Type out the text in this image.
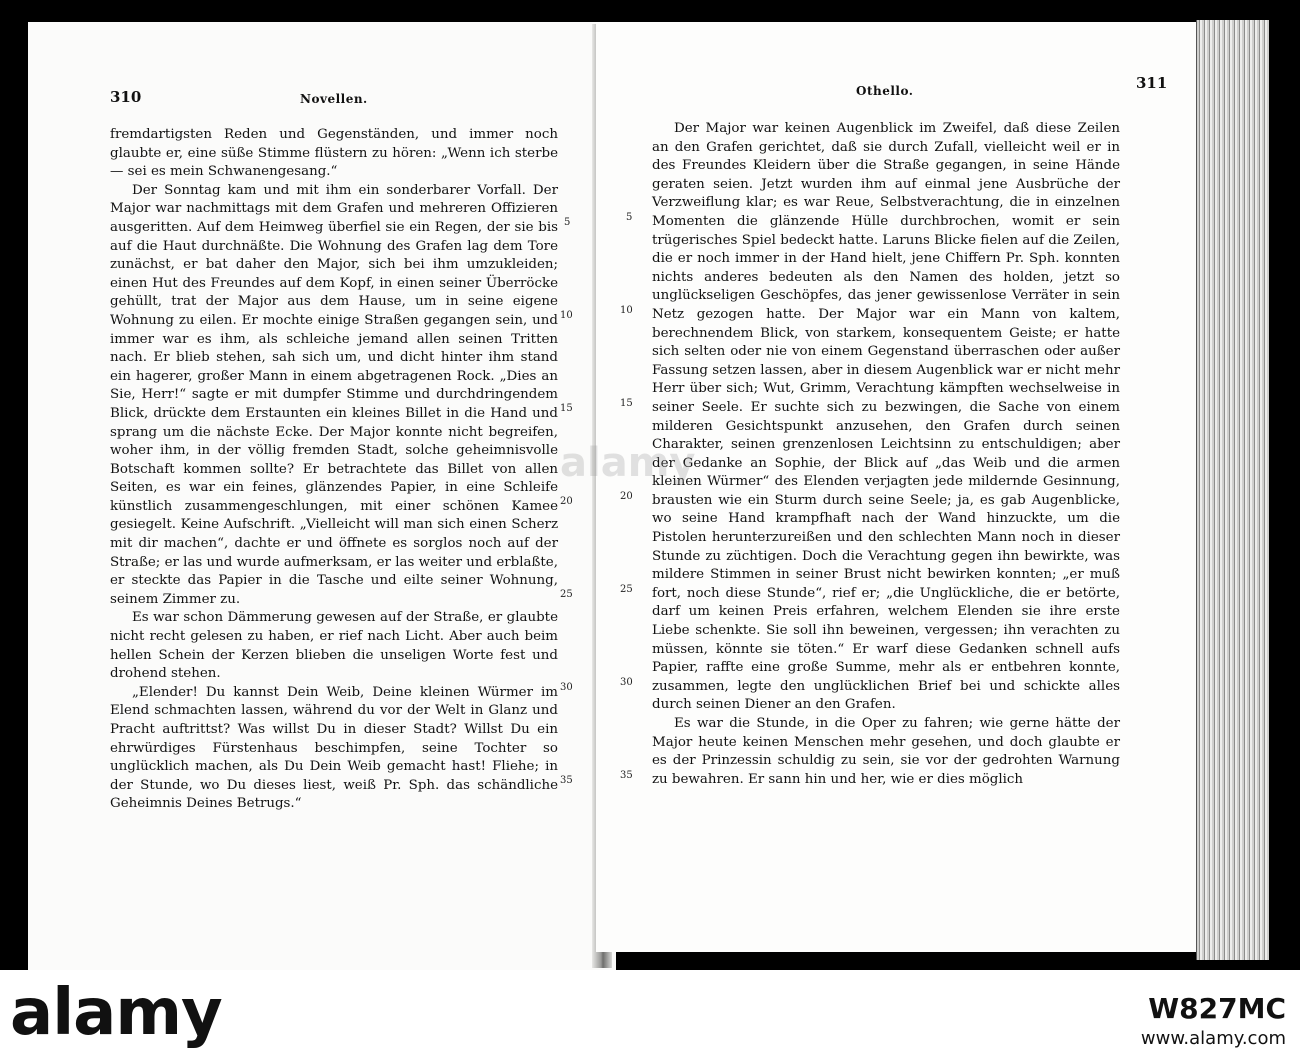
310	Novellen.

fremdartigsten Reden und Gegenständen, und immer noch glaubte er, eine süße Stimme flüstern zu hören: „Wenn ich sterbe — sei es mein Schwanengesang.“

Der Sonntag kam und mit ihm ein sonderbarer Vorfall. Der Major war nachmittags mit dem Grafen und mehreren Offizieren ausgeritten. Auf dem Heimweg überfiel sie ein Regen, der sie bis auf die Haut durchnäßte. Die Wohnung des Grafen lag dem Tore zunächst, er bat daher den Major, sich bei ihm umzukleiden; einen Hut des Freundes auf dem Kopf, in einen seiner Überröcke gehüllt, trat der Major aus dem Hause, um in seine eigene Wohnung zu eilen. Er mochte einige Straßen gegangen sein, und immer war es ihm, als schleiche jemand allen seinen Tritten nach. Er blieb stehen, sah sich um, und dicht hinter ihm stand ein hagerer, großer Mann in einem abgetragenen Rock. „Dies an Sie, Herr!“ sagte er mit dumpfer Stimme und durchdringendem Blick, drückte dem Erstaunten ein kleines Billet in die Hand und sprang um die nächste Ecke. Der Major konnte nicht begreifen, woher ihm, in der völlig fremden Stadt, solche geheimnisvolle Botschaft kommen sollte? Er betrachtete das Billet von allen Seiten, es war ein feines, glänzendes Papier, in eine Schleife künstlich zusammengeschlungen, mit einer schönen Kamee gesiegelt. Keine Aufschrift. „Vielleicht will man sich einen Scherz mit dir machen“, dachte er und öffnete es sorglos noch auf der Straße; er las und wurde aufmerksam, er las weiter und erblaßte, er steckte das Papier in die Tasche und eilte seiner Wohnung, seinem Zimmer zu.

Es war schon Dämmerung gewesen auf der Straße, er glaubte nicht recht gelesen zu haben, er rief nach Licht. Aber auch beim hellen Schein der Kerzen blieben die unseligen Worte fest und drohend stehen.

„Elender! Du kannst Dein Weib, Deine kleinen Würmer im Elend schmachten lassen, während du vor der Welt in Glanz und Pracht auftrittst? Was willst Du in dieser Stadt? Willst Du ein ehrwürdiges Fürstenhaus beschimpfen, seine Tochter so unglücklich machen, als Du Dein Weib gemacht hast! Fliehe; in der Stunde, wo Du dieses liest, weiß Pr. Sph. das schändliche Geheimnis Deines Betrugs.“

5
10
15
20
25
30
35
311
Othello.

Der Major war keinen Augenblick im Zweifel, daß diese Zeilen an den Grafen gerichtet, daß sie durch Zufall, vielleicht weil er in des Freundes Kleidern über die Straße gegangen, in seine Hände geraten seien. Jetzt wurden ihm auf einmal jene Ausbrüche der Verzweiflung klar; es war Reue, Selbstverachtung, die in einzelnen Momenten die glänzende Hülle durchbrochen, womit er sein trügerisches Spiel bedeckt hatte. Laruns Blicke fielen auf die Zeilen, die er noch immer in der Hand hielt, jene Chiffern Pr. Sph. konnten nichts anderes bedeuten als den Namen des holden, jetzt so unglückseligen Geschöpfes, das jener gewissenlose Verräter in sein Netz gezogen hatte. Der Major war ein Mann von kaltem, berechnendem Blick, von starkem, konsequentem Geiste; er hatte sich selten oder nie von einem Gegenstand überraschen oder außer Fassung setzen lassen, aber in diesem Augenblick war er nicht mehr Herr über sich; Wut, Grimm, Verachtung kämpften wechselweise in seiner Seele. Er suchte sich zu bezwingen, die Sache von einem milderen Gesichtspunkt anzusehen, den Grafen durch seinen Charakter, seinen grenzenlosen Leichtsinn zu entschuldigen; aber der Gedanke an Sophie, der Blick auf „das Weib und die armen kleinen Würmer“ des Elenden verjagten jede mildernde Gesinnung, brausten wie ein Sturm durch seine Seele; ja, es gab Augenblicke, wo seine Hand krampfhaft nach der Wand hinzuckte, um die Pistolen herunterzureißen und den schlechten Mann noch in dieser Stunde zu züchtigen. Doch die Verachtung gegen ihn bewirkte, was mildere Stimmen in seiner Brust nicht bewirken konnten; „er muß fort, noch diese Stunde“, rief er; „die Unglückliche, die er betörte, darf um keinen Preis erfahren, welchem Elenden sie ihre erste Liebe schenkte. Sie soll ihn beweinen, vergessen; ihn verachten zu müssen, könnte sie töten.“ Er warf diese Gedanken schnell aufs Papier, raffte eine große Summe, mehr als er entbehren konnte, zusammen, legte den unglücklichen Brief bei und schickte alles durch seinen Diener an den Grafen.

Es war die Stunde, in die Oper zu fahren; wie gerne hätte der Major heute keinen Menschen mehr gesehen, und doch glaubte er es der Prinzessin schuldig zu sein, sie vor der gedrohten Warnung zu bewahren. Er sann hin und her, wie er dies möglich

5
10
15
20
25
30
35
alamy
alamy	W827MC
www.alamy.com
